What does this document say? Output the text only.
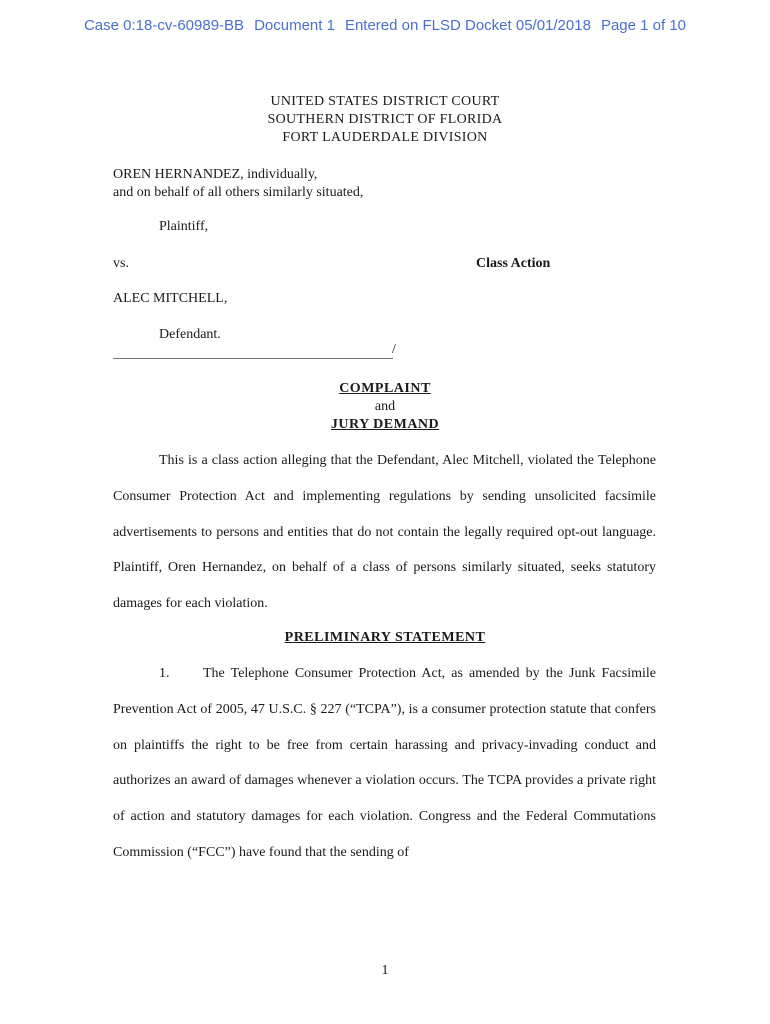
Case 0:18-cv-60989-BB Document 1 Entered on FLSD Docket 05/01/2018 Page 1 of 10
UNITED STATES DISTRICT COURT
SOUTHERN DISTRICT OF FLORIDA
FORT LAUDERDALE DIVISION
OREN HERNANDEZ, individually,
and on behalf of all others similarly situated,
Plaintiff,
vs.	Class Action
ALEC MITCHELL,
Defendant.
/
COMPLAINT
and
JURY DEMAND

This is a class action alleging that the Defendant, Alec Mitchell, violated the Telephone Consumer Protection Act and implementing regulations by sending unsolicited facsimile advertisements to persons and entities that do not contain the legally required opt-out language. Plaintiff, Oren Hernandez, on behalf of a class of persons similarly situated, seeks statutory damages for each violation.

PRELIMINARY STATEMENT

1. The Telephone Consumer Protection Act, as amended by the Junk Facsimile Prevention Act of 2005, 47 U.S.C. § 227 (“TCPA”), is a consumer protection statute that confers on plaintiffs the right to be free from certain harassing and privacy-invading conduct and authorizes an award of damages whenever a violation occurs. The TCPA provides a private right of action and statutory damages for each violation. Congress and the Federal Commutations Commission (“FCC”) have found that the sending of

1
